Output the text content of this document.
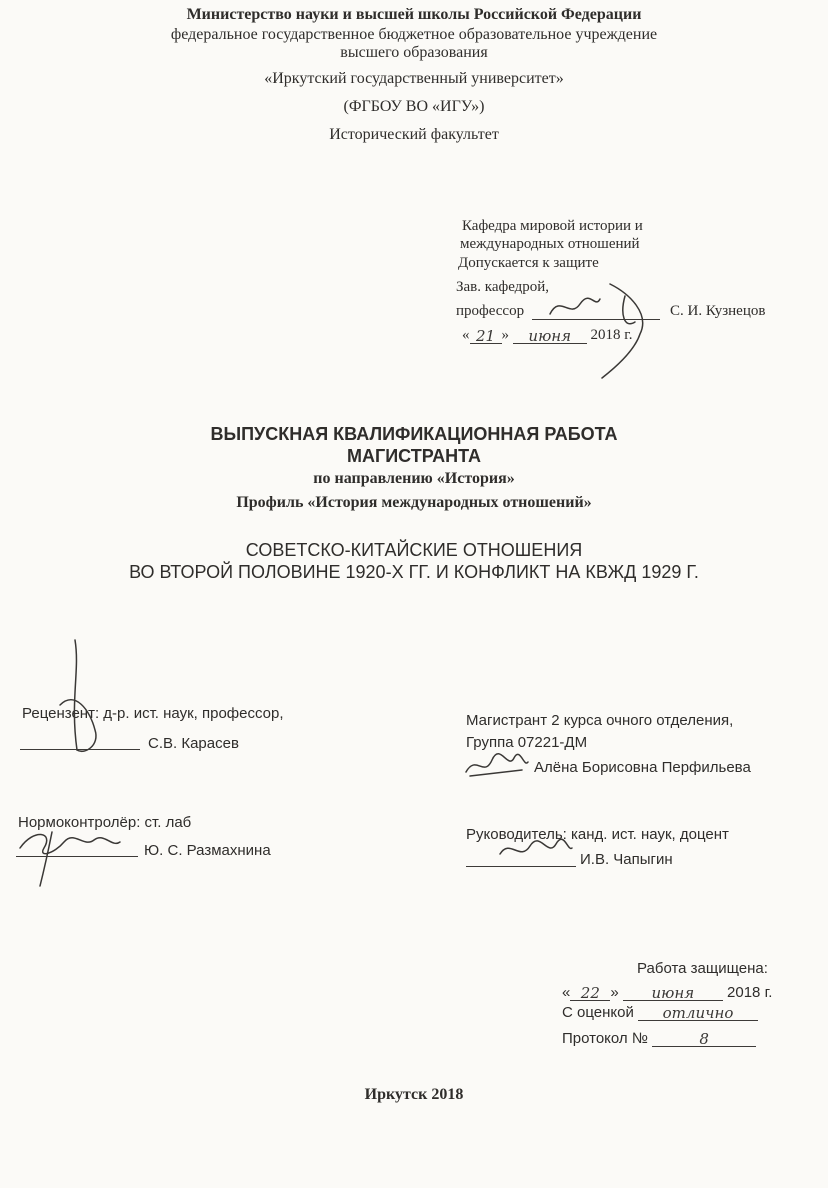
Министерство науки и высшей школы Российской Федерации
федеральное государственное бюджетное образовательное учреждение
высшего образования
«Иркутский государственный университет»
(ФГБОУ ВО «ИГУ»)
Исторический факультет
Кафедра мировой истории и
международных отношений
Допускается к защите
Зав. кафедрой,
профессор	С. И. Кузнецов
« 21 » июня 2018 г.
ВЫПУСКНАЯ КВАЛИФИКАЦИОННАЯ РАБОТА
МАГИСТРАНТА
по направлению «История»
Профиль «История международных отношений»
СОВЕТСКО-КИТАЙСКИЕ ОТНОШЕНИЯ
ВО ВТОРОЙ ПОЛОВИНЕ 1920-Х ГГ. И КОНФЛИКТ НА КВЖД 1929 Г.
Рецензент: д-р. ист. наук, профессор,
С.В. Карасев
Магистрант 2 курса очного отделения,
Группа 07221-ДМ
Алёна Борисовна Перфильева
Нормоконтролёр: ст. лаб
Ю. С. Размахнина
Руководитель: канд. ист. наук, доцент
И.В. Чапыгин
Работа защищена:
« 22 » июня 2018 г.
С оценкой отлично
Протокол №	8
Иркутск 2018
